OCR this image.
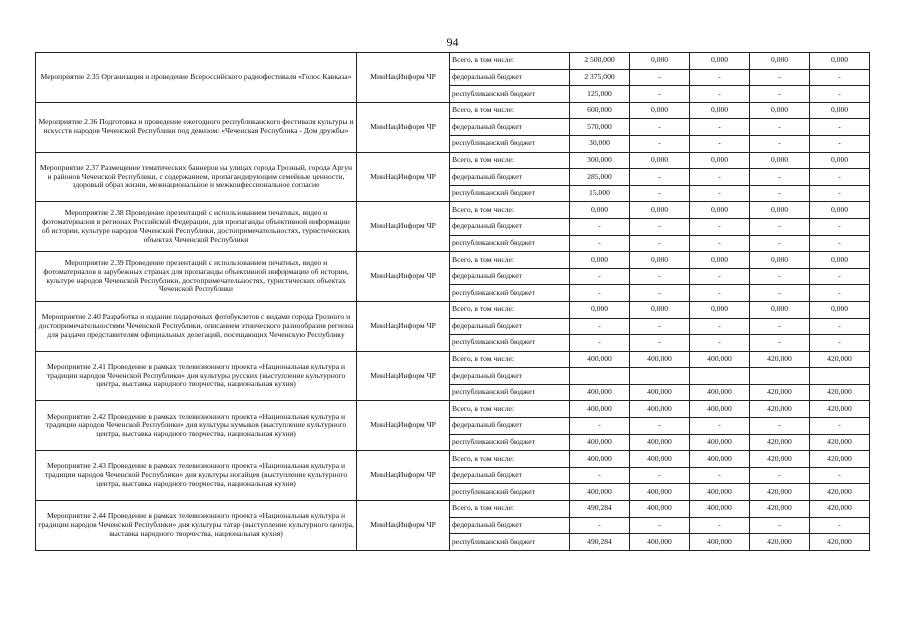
94
Мероприятие 2.35 Организация и проведение Всероссийского радиофестиваля «Голос Кавказа»	МинНацИнформ ЧР	Всего, в том числе:	2 500,000	0,000	0,000	0,000	0,000
		федеральный бюджет	2 375,000	-	-	-	-
		республиканский бюджет	125,000	-	-	-	-
Мероприятие 2.36 Подготовка и проведение ежегодного республиканского фестиваля культуры и искусств народов Чеченской Республики под девизом: «Чеченская Республика - Дом дружбы»	МинНацИнформ ЧР	Всего, в том числе:	600,000	0,000	0,000	0,000	0,000
		федеральный бюджет	570,000	-	-	-	-
		республиканский бюджет	30,000	-	-	-	-
Мероприятие 2.37 Размещение тематических баннеров на улицах города Грозный, города Аргун и районов Чеченской Республики, с содержанием, пропагандирующим семейные ценности, здоровый образ жизни, межнациональное и межконфессиональное согласие	МинНацИнформ ЧР	Всего, в том числе:	300,000	0,000	0,000	0,000	0,000
		федеральный бюджет	285,000	-	-	-	-
		республиканский бюджет	15,000	-	-	-	-
Мероприятие 2.38 Проведение презентаций с использованием печатных, видео и фотоматериалов в регионах Российской Федерации, для пропаганды объективной информации об истории, культуре народов Чеченской Республики, достопримечательностях, туристических объектах Чеченской Республики	МинНацИнформ ЧР	Всего, в том числе:	0,000	0,000	0,000	0,000	0,000
		федеральный бюджет	-	-	-	-	-
		республиканский бюджет	-	-	-	-	-
Мероприятие 2.39 Проведение презентаций с использованием печатных, видео и фотоматериалов в зарубежных странах для пропаганды объективной информации об истории, культуре народов Чеченской Республики, достопримечательностях, туристических объектах Чеченской Республики	МинНацИнформ ЧР	Всего, в том числе:	0,000	0,000	0,000	0,000	0,000
		федеральный бюджет	-	-	-	-	-
		республиканский бюджет	-	-	-	-	-
Мероприятие 2.40 Разработка и издание подарочных фотобуклетов с видами города Грозного и достопримечательностями Чеченской Республики, описанием этнического разнообразия региона для раздачи представителям официальных делегаций, посещающих Чеченскую Республику	МинНацИнформ ЧР	Всего, в том числе:	0,000	0,000	0,000	0,000	0,000
		федеральный бюджет	-	-	-	-	-
		республиканский бюджет	-	-	-	-	-
Мероприятие 2.41 Проведение в рамках телевизионного проекта «Национальная культура и традиции народов Чеченской Республики» дня культуры русских (выступление культурного центра, выставка народного творчества, национальная кухня)	МинНацИнформ ЧР	Всего, в том числе:	400,000	400,000	400,000	420,000	420,000
		федеральный бюджет					
		республиканский бюджет	400,000	400,000	400,000	420,000	420,000
Мероприятие 2.42 Проведение в рамках телевизионного проекта «Национальная культура и традиции народов Чеченской Республики» дня культуры кумыков (выступление культурного центра, выставка народного творчества, национальная кухня)	МинНацИнформ ЧР	Всего, в том числе:	400,000	400,000	400,000	420,000	420,000
		федеральный бюджет	-	-	-	-	-
		республиканский бюджет	400,000	400,000	400,000	420,000	420,000
Мероприятие 2.43 Проведение в рамках телевизионного проекта «Национальная культура и традиции народов Чеченской Республики» дня культуры ногайцев (выступление культурного центра, выставка народного творчества, национальная кухня)	МинНацИнформ ЧР	Всего, в том числе:	400,000	400,000	400,000	420,000	420,000
		федеральный бюджет	-	-	-	-	-
		республиканский бюджет	400,000	400,000	400,000	420,000	420,000
Мероприятие 2.44 Проведение в рамках телевизионного проекта «Национальная культура и традиции народов Чеченской Республики» дня культуры татар (выступление культурного центра, выставка народного творчества, национальная кухня)	МинНацИнформ ЧР	Всего, в том числе:	490,284	400,000	400,000	420,000	420,000
		федеральный бюджет	-	-	-	-	-
		республиканский бюджет	490,284	400,000	400,000	420,000	420,000
